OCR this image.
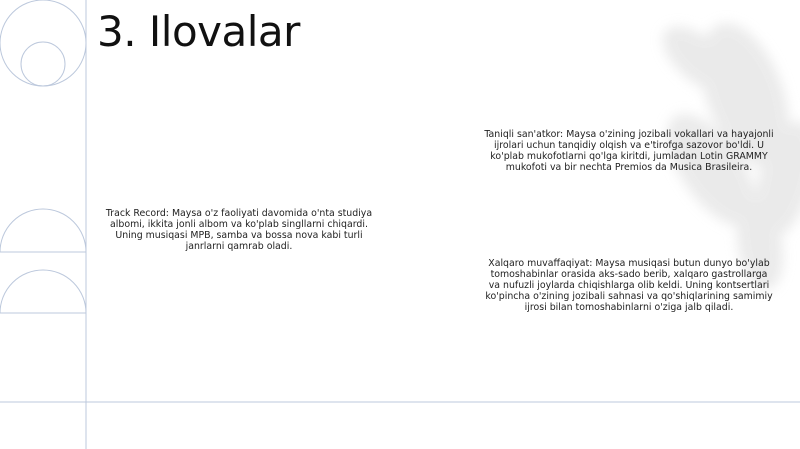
3. Ilovalar
Taniqli san'atkor: Maysa o'zining jozibali vokallari va hayajonli ijrolari uchun tanqidiy olqish va e'tirofga sazovor bo'ldi. U ko'plab mukofotlarni qo'lga kiritdi, jumladan Lotin GRAMMY mukofoti va bir nechta Premios da Musica Brasileira.
Track Record: Maysa o'z faoliyati davomida o'nta studiya albomi, ikkita jonli albom va ko'plab singllarni chiqardi. Uning musiqasi MPB, samba va bossa nova kabi turli janrlarni qamrab oladi.
Xalqaro muvaffaqiyat: Maysa musiqasi butun dunyo bo'ylab tomoshabinlar orasida aks-sado berib, xalqaro gastrollarga va nufuzli joylarda chiqishlarga olib keldi. Uning kontsertlari ko'pincha o'zining jozibali sahnasi va qo'shiqlarining samimiy ijrosi bilan tomoshabinlarni o'ziga jalb qiladi.
